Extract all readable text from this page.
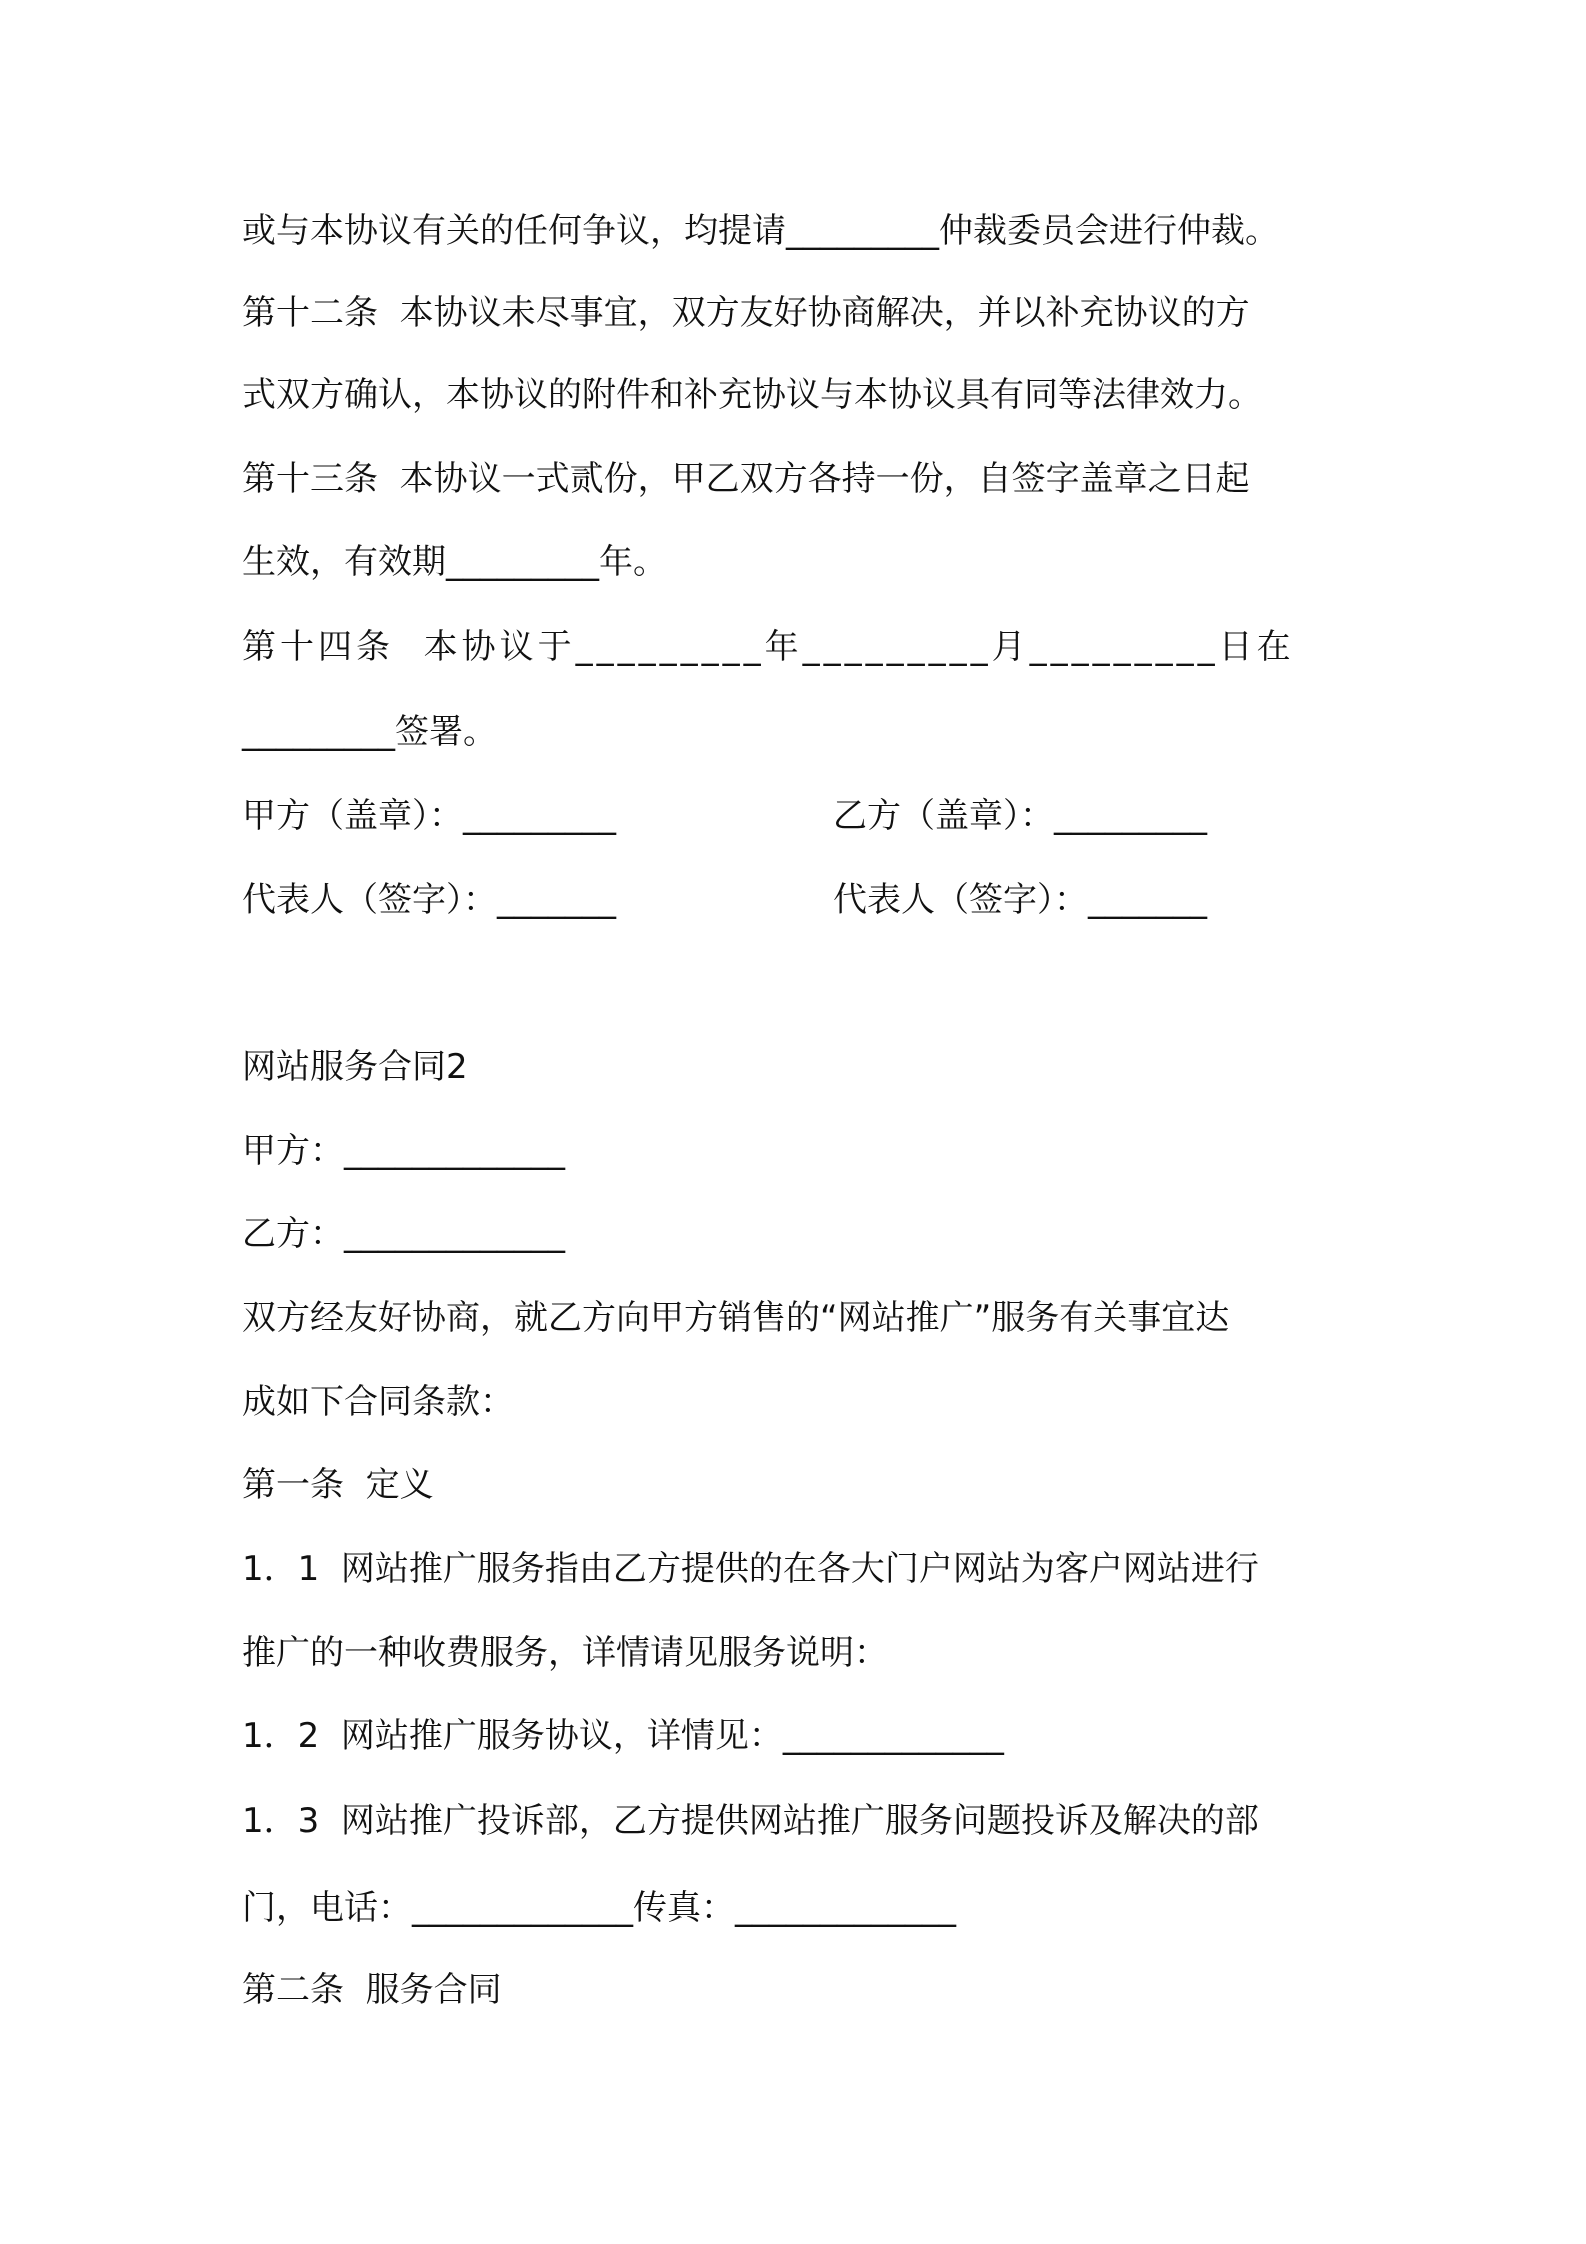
或与本协议有关的任何争议，均提请_________仲裁委员会进行仲裁。
第十二条  本协议未尽事宜，双方友好协商解决，并以补充协议的方
式双方确认，本协议的附件和补充协议与本协议具有同等法律效力。
第十三条  本协议一式贰份，甲乙双方各持一份，自签字盖章之日起
生效，有效期_________年。
第十四条  本协议于_________年_________月_________日在
_________签署。
甲方（盖章）：_________	乙方（盖章）：_________
代表人（签字）：_______	代表人（签字）：_______
网站服务合同2
甲方：_____________
乙方：_____________
双方经友好协商，就乙方向甲方销售的“网站推广”服务有关事宜达
成如下合同条款：
第一条  定义
1．1  网站推广服务指由乙方提供的在各大门户网站为客户网站进行
推广的一种收费服务，详情请见服务说明：
1．2  网站推广服务协议，详情见：_____________
1．3  网站推广投诉部，乙方提供网站推广服务问题投诉及解决的部
门，电话：_____________传真：_____________
第二条  服务合同
